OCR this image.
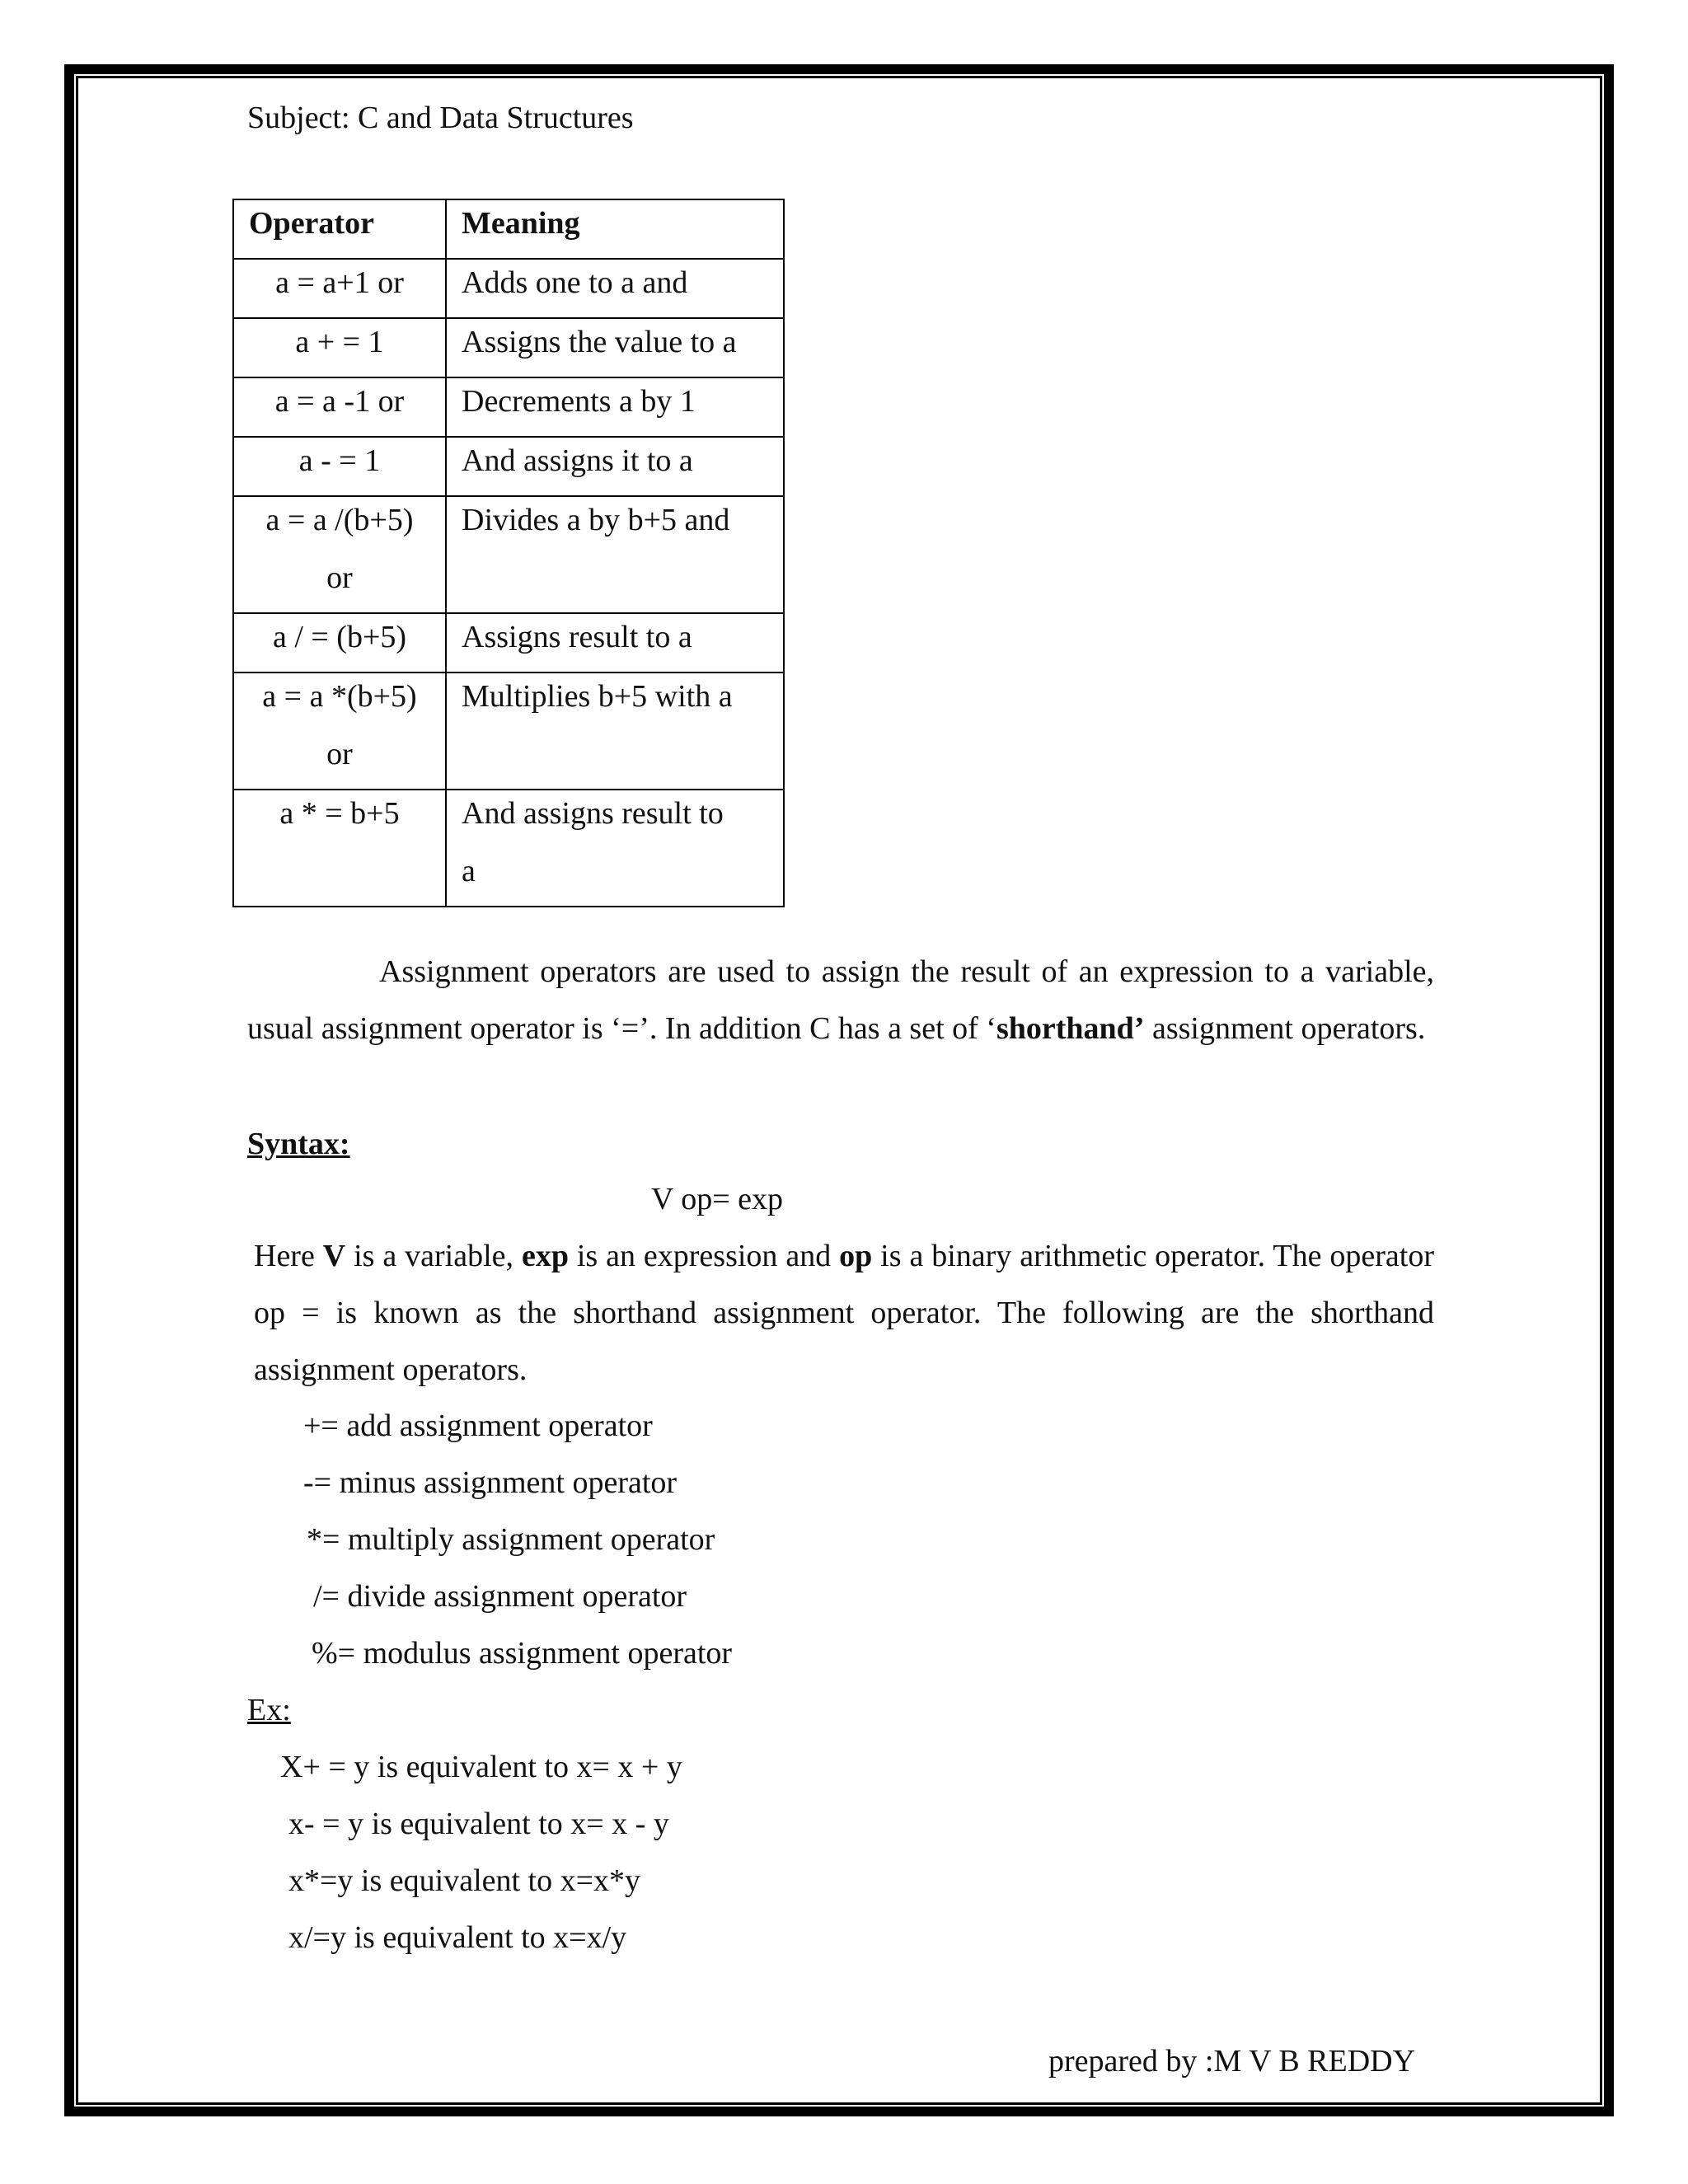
Subject: C and Data Structures
Operator	Meaning

a = a+1 or	Adds one to a and

a + = 1	Assigns the value to a

a = a -1 or	Decrements a by 1

a - = 1	And assigns it to a

a = a /(b+5)
or	Divides a by b+5 and

a / = (b+5)	Assigns result to a

a = a *(b+5)
or	Multiplies b+5 with a

a * = b+5	And assigns result to
a
Assignment operators are used to assign the result of an expression to a variable, usual assignment operator is ‘=’. In addition C has a set of ‘shorthand’ assignment operators.
Syntax:
V op= exp
Here V is a variable, exp is an expression and op is a binary arithmetic operator. The operator op = is known as the shorthand assignment operator. The following are the shorthand assignment operators.
+= add assignment operator
-= minus assignment operator
*= multiply assignment operator
/= divide assignment operator
%= modulus assignment operator
Ex:
X+ = y is equivalent to x= x + y
x- = y is equivalent to x= x - y
x*=y is equivalent to x=x*y
x/=y is equivalent to x=x/y
prepared by :M V B REDDY
